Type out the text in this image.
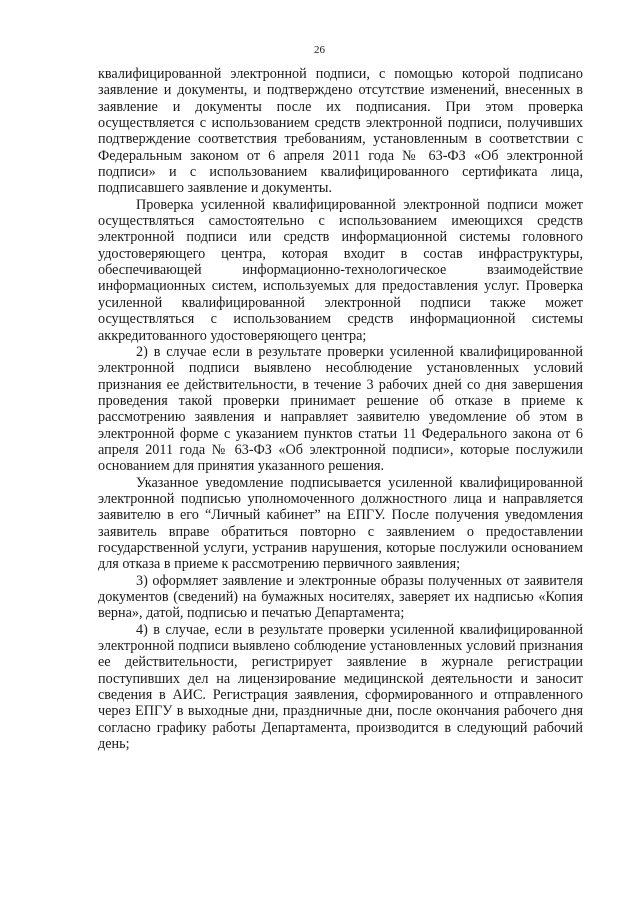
26

квалифицированной электронной подписи, с помощью которой подписано заявление и документы, и подтверждено отсутствие изменений, внесенных в заявление и документы после их подписания. При этом проверка осуществляется с использованием средств электронной подписи, получивших подтверждение соответствия требованиям, установленным в соответствии с Федеральным законом от 6 апреля 2011 года № 63-ФЗ «Об электронной подписи» и с использованием квалифицированного сертификата лица, подписавшего заявление и документы.

Проверка усиленной квалифицированной электронной подписи может осуществляться самостоятельно с использованием имеющихся средств электронной подписи или средств информационной системы головного удостоверяющего центра, которая входит в состав инфраструктуры, обеспечивающей информационно-технологическое взаимодействие информационных систем, используемых для предоставления услуг. Проверка усиленной квалифицированной электронной подписи также может осуществляться с использованием средств информационной системы аккредитованного удостоверяющего центра;

2) в случае если в результате проверки усиленной квалифицированной электронной подписи выявлено несоблюдение установленных условий признания ее действительности, в течение 3 рабочих дней со дня завершения проведения такой проверки принимает решение об отказе в приеме к рассмотрению заявления и направляет заявителю уведомление об этом в электронной форме с указанием пунктов статьи 11 Федерального закона от 6 апреля 2011 года № 63-ФЗ «Об электронной подписи», которые послужили основанием для принятия указанного решения.

Указанное уведомление подписывается усиленной квалифицированной электронной подписью уполномоченного должностного лица и направляется заявителю в его “Личный кабинет” на ЕПГУ. После получения уведомления заявитель вправе обратиться повторно с заявлением о предоставлении государственной услуги, устранив нарушения, которые послужили основанием для отказа в приеме к рассмотрению первичного заявления;

3) оформляет заявление и электронные образы полученных от заявителя документов (сведений) на бумажных носителях, заверяет их надписью «Копия верна», датой, подписью и печатью Департамента;

4) в случае, если в результате проверки усиленной квалифицированной электронной подписи выявлено соблюдение установленных условий признания ее действительности, регистрирует заявление в журнале регистрации поступивших дел на лицензирование медицинской деятельности и заносит сведения в АИС. Регистрация заявления, сформированного и отправленного через ЕПГУ в выходные дни, праздничные дни, после окончания рабочего дня согласно графику работы Департамента, производится в следующий рабочий день;
